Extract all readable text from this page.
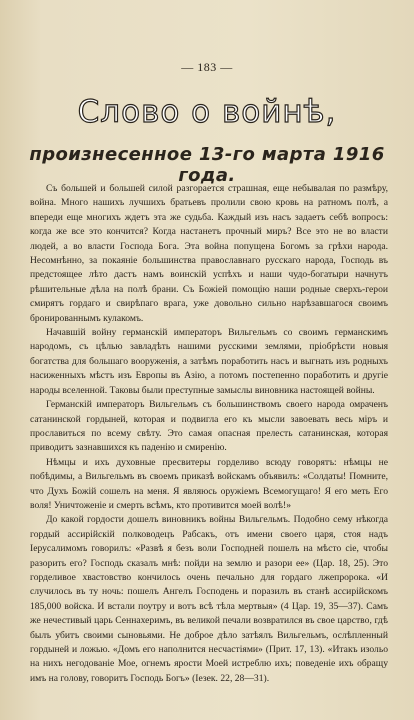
— 183 —
Слово о войнѣ,
произнесенное 13-го марта 1916 года.

Съ большей и большей силой разгорается страшная, еще небывалая по размѣру, война. Много нашихъ лучшихъ братьевъ пролили свою кровь на ратномъ полѣ, а впереди еще многихъ ждетъ эта же судьба. Каждый изъ насъ задаетъ себѣ вопросъ: когда же все это кончится? Когда настанетъ прочный миръ? Все это не во власти людей, а во власти Господа Бога. Эта война попущена Богомъ за грѣхи народа. Несомнѣнно, за покаяніе большинства православнаго русскаго народа, Господь въ предстоящее лѣто дастъ намъ воинскій успѣхъ и наши чудо-богатыри начнутъ рѣшительные дѣла на полѣ брани. Съ Божіей помощію наши родные сверхъ-герои смирятъ гордаго и свирѣпаго врага, уже довольно сильно нарѣзавшагося своимъ бронированнымъ кулакомъ.

Начавшій войну германскій императоръ Вильгельмъ со своимъ германскимъ народомъ, съ цѣлью завладѣть нашими русскими землями, пріобрѣсти новыя богатства для большаго вооруженія, а затѣмъ поработить насъ и выгнать изъ родныхъ насиженныхъ мѣстъ изъ Европы въ Азію, а потомъ постепенно поработить и другіе народы вселенной. Таковы были преступные замыслы виновника настоящей войны.

Германскій императоръ Вильгельмъ съ большинствомъ своего народа омраченъ сатанинской гордыней, которая и подвигла его къ мысли завоевать весь міръ и прославиться по всему свѣту. Это самая опасная прелесть сатанинская, которая приводитъ зазнавшихся къ паденію и смиренію.

Нѣмцы и ихъ духовные пресвитеры горделиво всюду говорятъ: нѣмцы не побѣдимы, а Вильгельмъ въ своемъ приказѣ войскамъ объявилъ: «Солдаты! Помните, что Духъ Божій сошелъ на меня. Я являюсь оружіемъ Всемогущаго! Я его меть Его воля! Уничтоженіе и смерть всѣмъ, кто противится моей волѣ!»

До какой гордости дошелъ виновникъ войны Вильгельмъ. Подобно сему нѣкогда гордый ассирійскій полководецъ Рабсакъ, отъ имени своего царя, стоя надъ Іерусалимомъ говорилъ: «Развѣ я безъ воли Господней пошелъ на мѣсто сіе, чтобы разорить его? Господь сказалъ мнѣ: пойди на землю и разори ее» (Цар. 18, 25). Это горделивое хвастовство кончилось очень печально для гордаго лжепророка. «И случилось въ ту ночь: пошелъ Ангелъ Господень и поразилъ въ станѣ ассирійскомъ 185,000 войска. И встали поутру и вотъ всѣ тѣла мертвыя» (4 Цар. 19, 35—37). Самъ же нечестивый царь Сеннахеримъ, въ великой печали возвратился въ свое царство, гдѣ былъ убитъ своими сыновьями. Не доброе дѣло затѣялъ Вильгельмъ, ослѣпленный гордыней и ложью. «Домъ его наполнится несчастіями» (Прит. 17, 13). «Итакъ изольо на нихъ негодованіе Мое, огнемъ ярости Моей истреблю ихъ; поведеніе ихъ обращу имъ на голову, говоритъ Господь Богъ» (Іезек. 22, 28—31).
